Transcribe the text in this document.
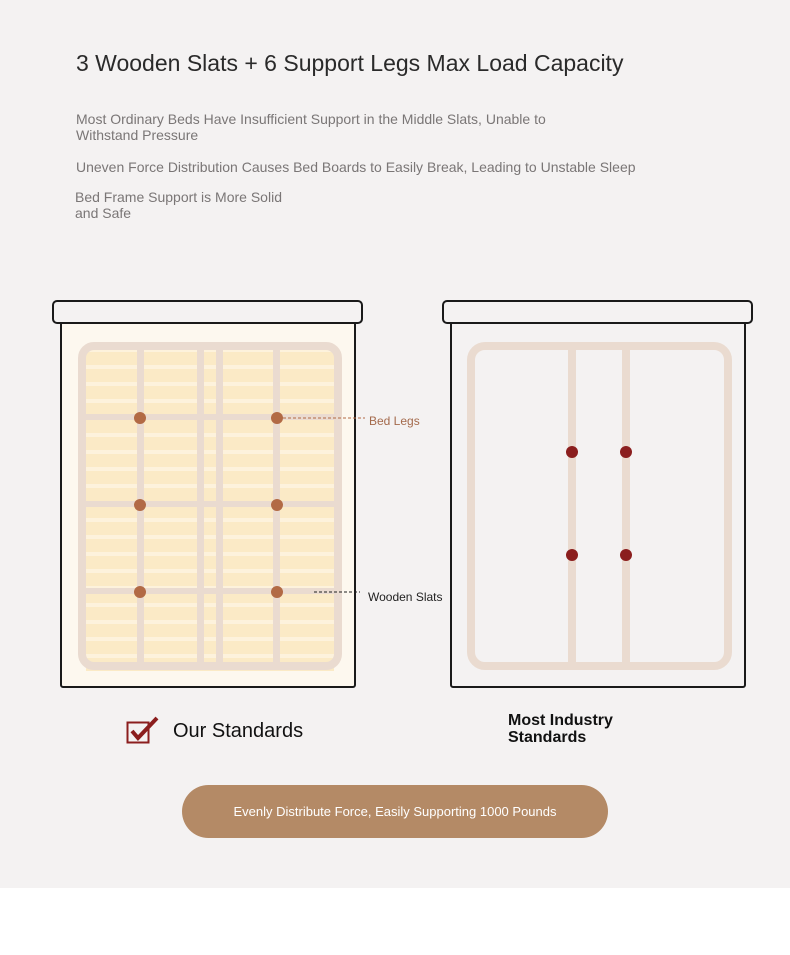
3 Wooden Slats + 6 Support Legs Max Load Capacity
Most Ordinary Beds Have Insufficient Support in the Middle Slats, Unable to Withstand Pressure
Uneven Force Distribution Causes Bed Boards to Easily Break, Leading to Unstable Sleep
Bed Frame Support is More Solid and Safe
Bed Legs
Wooden Slats
Our Standards	Most Industry Standards
Evenly Distribute Force, Easily Supporting 1000 Pounds
